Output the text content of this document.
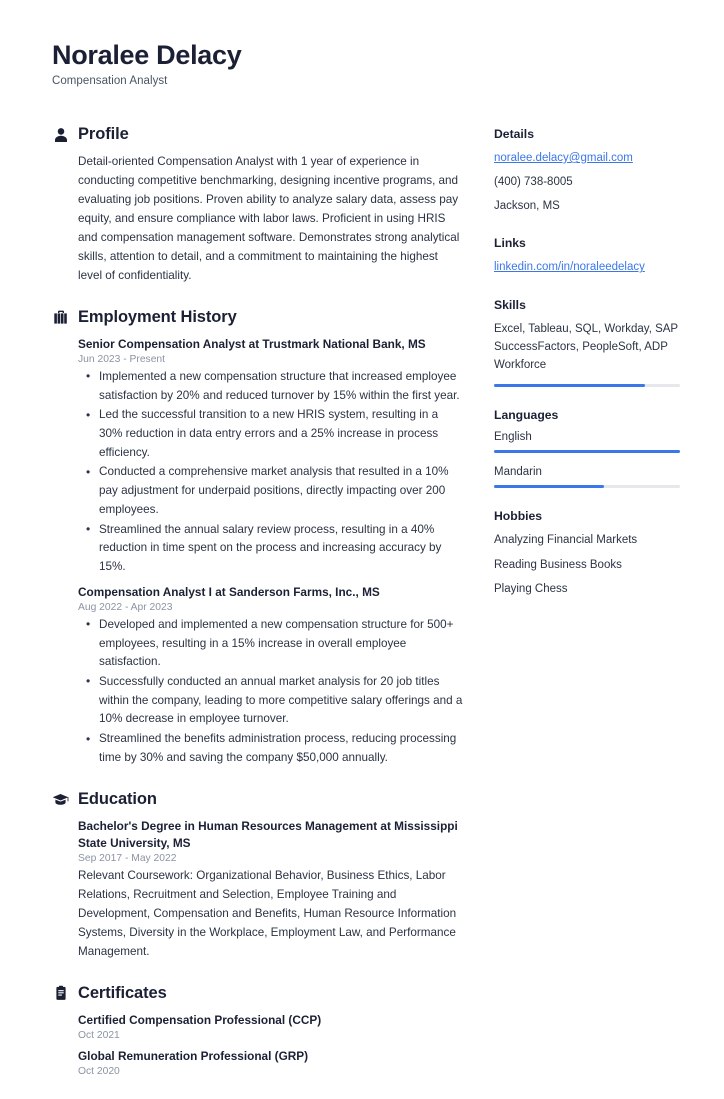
Noralee Delacy
Compensation Analyst
Profile

Detail-oriented Compensation Analyst with 1 year of experience in conducting competitive benchmarking, designing incentive programs, and evaluating job positions. Proven ability to analyze salary data, assess pay equity, and ensure compliance with labor laws. Proficient in using HRIS and compensation management software. Demonstrates strong analytical skills, attention to detail, and a commitment to maintaining the highest level of confidentiality.

Employment History
Senior Compensation Analyst at Trustmark National Bank, MS
Jun 2023 - Present
• Implemented a new compensation structure that increased employee satisfaction by 20% and reduced turnover by 15% within the first year.
• Led the successful transition to a new HRIS system, resulting in a 30% reduction in data entry errors and a 25% increase in process efficiency.
• Conducted a comprehensive market analysis that resulted in a 10% pay adjustment for underpaid positions, directly impacting over 200 employees.
• Streamlined the annual salary review process, resulting in a 40% reduction in time spent on the process and increasing accuracy by 15%.
Compensation Analyst I at Sanderson Farms, Inc., MS
Aug 2022 - Apr 2023
• Developed and implemented a new compensation structure for 500+ employees, resulting in a 15% increase in overall employee satisfaction.
• Successfully conducted an annual market analysis for 20 job titles within the company, leading to more competitive salary offerings and a 10% decrease in employee turnover.
• Streamlined the benefits administration process, reducing processing time by 30% and saving the company $50,000 annually.
Education
Bachelor's Degree in Human Resources Management at Mississippi State University, MS
Sep 2017 - May 2022
Relevant Coursework: Organizational Behavior, Business Ethics, Labor Relations, Recruitment and Selection, Employee Training and Development, Compensation and Benefits, Human Resource Information Systems, Diversity in the Workplace, Employment Law, and Performance Management.
Certificates
Certified Compensation Professional (CCP)
Oct 2021
Global Remuneration Professional (GRP)
Oct 2020
Details
noralee.delacy@gmail.com
(400) 738-8005
Jackson, MS
Links
linkedin.com/in/noraleedelacy
Skills
Excel, Tableau, SQL, Workday, SAP SuccessFactors, PeopleSoft, ADP Workforce
Languages
English
Mandarin
Hobbies
Analyzing Financial Markets
Reading Business Books
Playing Chess
